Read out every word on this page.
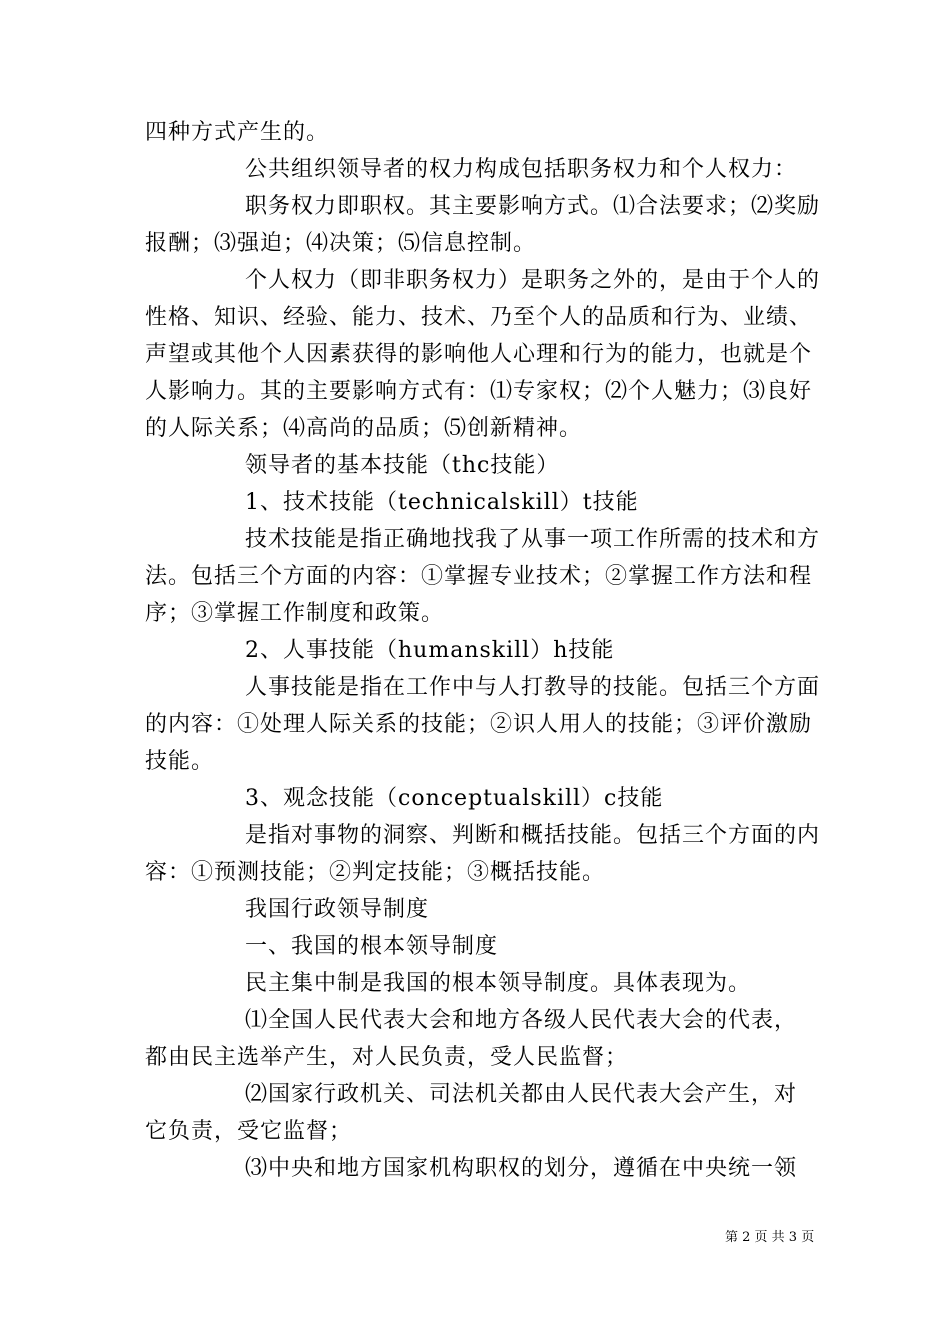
四种方式产生的。
公共组织领导者的权力构成包括职务权力和个人权力：
职务权力即职权。其主要影响方式。⑴合法要求；⑵奖励
报酬；⑶强迫；⑷决策；⑸信息控制。
个人权力（即非职务权力）是职务之外的，是由于个人的
性格、知识、经验、能力、技术、乃至个人的品质和行为、业绩、
声望或其他个人因素获得的影响他人心理和行为的能力，也就是个
人影响力。其的主要影响方式有：⑴专家权；⑵个人魅力；⑶良好
的人际关系；⑷高尚的品质；⑸创新精神。
领导者的基本技能（thc技能）
1、技术技能（technicalskill）t技能
技术技能是指正确地找我了从事一项工作所需的技术和方
法。包括三个方面的内容：①掌握专业技术；②掌握工作方法和程
序；③掌握工作制度和政策。
2、人事技能（humanskill）h技能
人事技能是指在工作中与人打教导的技能。包括三个方面
的内容：①处理人际关系的技能；②识人用人的技能；③评价激励
技能。
3、观念技能（conceptualskill）c技能
是指对事物的洞察、判断和概括技能。包括三个方面的内
容：①预测技能；②判定技能；③概括技能。
我国行政领导制度
一、我国的根本领导制度
民主集中制是我国的根本领导制度。具体表现为。
⑴全国人民代表大会和地方各级人民代表大会的代表，
都由民主选举产生，对人民负责，受人民监督；
⑵国家行政机关、司法机关都由人民代表大会产生，对
它负责，受它监督；
⑶中央和地方国家机构职权的划分，遵循在中央统一领
第 2 页 共 3 页
